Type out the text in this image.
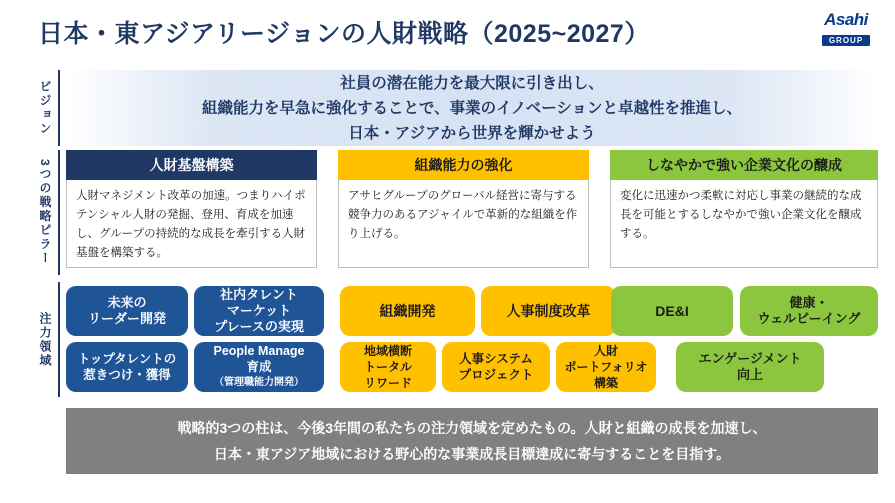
日本・東アジアリージョンの人財戦略（2025~2027）
Asahi
GROUP
ビジョン
3つの戦略ピラー
注力領域
社員の潜在能力を最大限に引き出し、
組織能力を早急に強化することで、事業のイノベーションと卓越性を推進し、
日本・アジアから世界を輝かせよう
人財基盤構築
人財マネジメント改革の加速。つまりハイポテンシャル人財の発掘、登用、育成を加速し、グループの持続的な成長を牽引する人財基盤を構築する。
組織能力の強化
アサヒグループのグローバル経営に寄与する競争力のあるアジャイルで革新的な組織を作り上げる。
しなやかで強い企業文化の醸成
変化に迅速かつ柔軟に対応し事業の継続的な成長を可能とするしなやかで強い企業文化を醸成する。
未来の
リーダー開発
社内タレント
マーケット
プレースの実現
組織開発	人事制度改革	DE&I
健康・
ウェルビーイング
トップタレントの
惹きつけ・獲得
People Manage
育成
（管理職能力開発）
地域横断
トータル
リワード
人事システム
プロジェクト
人財
ポートフォリオ
構築
エンゲージメント
向上
戦略的3つの柱は、今後3年間の私たちの注力領域を定めたもの。人財と組織の成長を加速し、
日本・東アジア地域における野心的な事業成長目標達成に寄与することを目指す。
